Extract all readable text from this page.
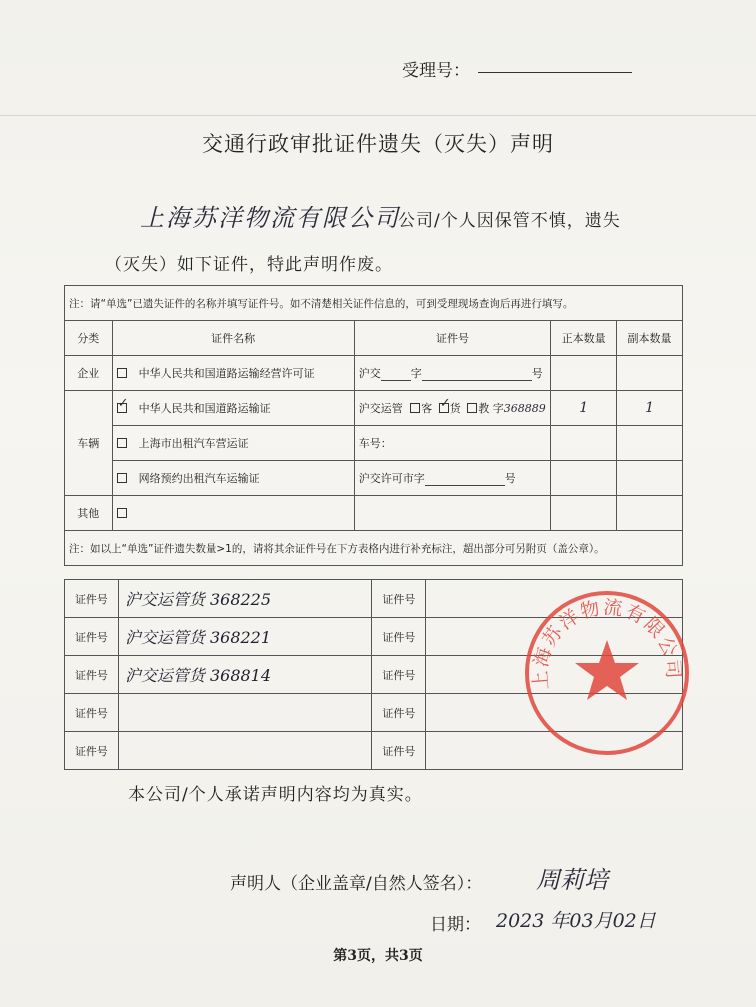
受理号：
交通行政审批证件遗失（灭失）声明
上海苏洋物流有限公司
公司/个人因保管不慎，遗失
（灭失）如下证件，特此声明作废。
注：请“单选”已遗失证件的名称并填写证件号。如不清楚相关证件信息的，可到受理现场查询后再进行填写。				
分类	证件名称	证件号	正本数量	副本数量
企业	中华人民共和国道路运输经营许可证	沪交 字 号		
车辆	✓中华人民共和国道路运输证	沪交运管 客 ✓ 货 教 字368889	1	1
	上海市出租汽车营运证	车号：		
	网络预约出租汽车运输证	沪交许可市字 号		
其他				
注：如以上“单选”证件遗失数量>1的，请将其余证件号在下方表格内进行补充标注，超出部分可另附页（盖公章）。				
证件号	沪交运管货 368225	证件号	
证件号	沪交运管货 368221	证件号	
证件号	沪交运管货 368814	证件号	
证件号		证件号	
证件号		证件号	
上海苏洋物流有限公司
本公司/个人承诺声明内容均为真实。
声明人（企业盖章/自然人签名）： 周莉培
日期： 2023 年03月02日
第3页，共3页
